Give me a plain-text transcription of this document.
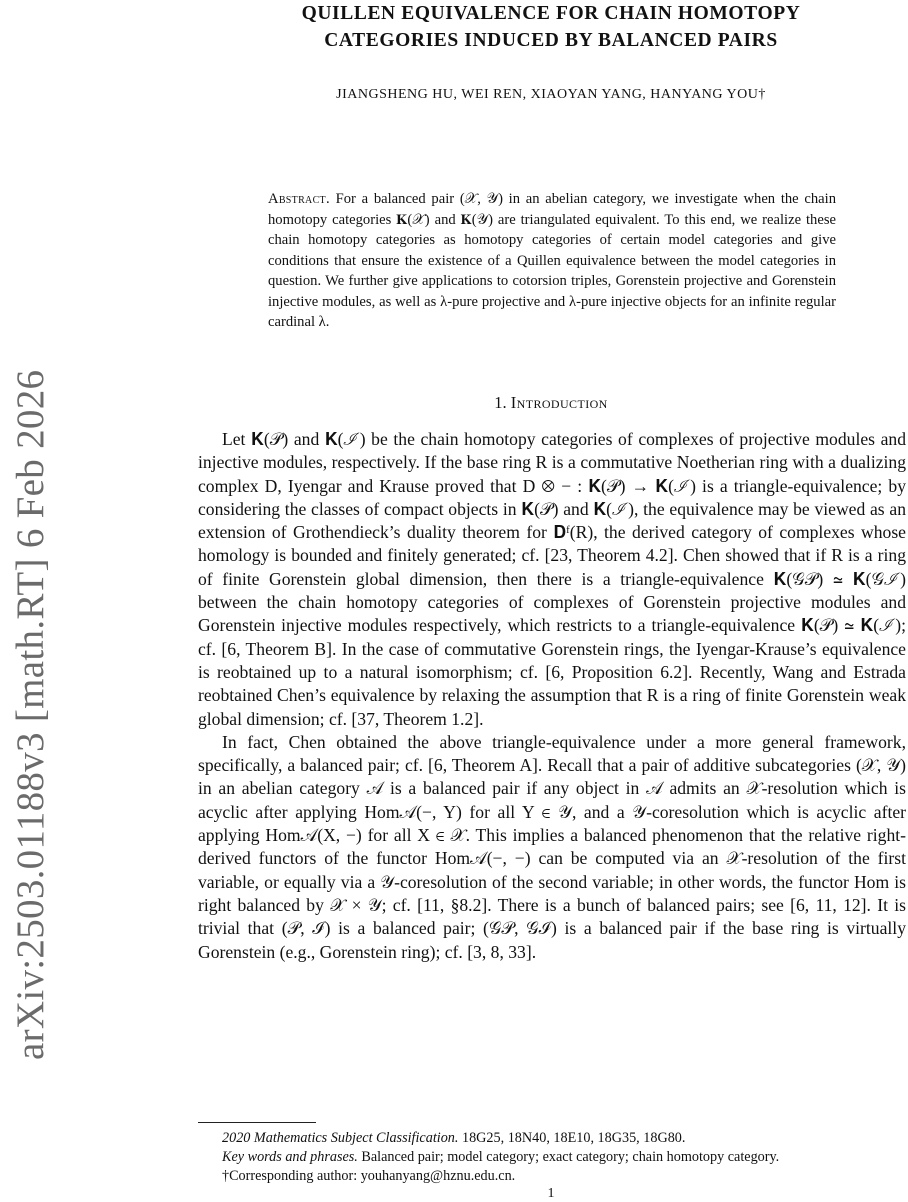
arXiv:2503.01188v3 [math.RT] 6 Feb 2026
QUILLEN EQUIVALENCE FOR CHAIN HOMOTOPY
CATEGORIES INDUCED BY BALANCED PAIRS
JIANGSHENG HU, WEI REN, XIAOYAN YANG, HANYANG YOU†
Abstract. For a balanced pair (𝒳, 𝒴) in an abelian category, we investigate when the chain homotopy categories 𝐊(𝒳) and 𝐊(𝒴) are triangulated equivalent. To this end, we realize these chain homotopy categories as homotopy categories of certain model categories and give conditions that ensure the existence of a Quillen equivalence between the model categories in question. We further give applications to cotorsion triples, Gorenstein projective and Gorenstein injective modules, as well as λ-pure projective and λ-pure injective objects for an infinite regular cardinal λ.
1. Introduction

Let 𝐊(𝒫) and 𝐊(ℐ) be the chain homotopy categories of complexes of projective modules and injective modules, respectively. If the base ring R is a commutative Noetherian ring with a dualizing complex D, Iyengar and Krause proved that D ⊗ − : 𝐊(𝒫) → 𝐊(ℐ) is a triangle-equivalence; by considering the classes of compact objects in 𝐊(𝒫) and 𝐊(ℐ), the equivalence may be viewed as an extension of Grothendieck’s duality theorem for 𝐃ᶠ(R), the derived category of complexes whose homology is bounded and finitely generated; cf. [23, Theorem 4.2]. Chen showed that if R is a ring of finite Gorenstein global dimension, then there is a triangle-equivalence 𝐊(𝒢𝒫) ≃ 𝐊(𝒢ℐ) between the chain homotopy categories of complexes of Gorenstein projective modules and Gorenstein injective modules respectively, which restricts to a triangle-equivalence 𝐊(𝒫) ≃ 𝐊(ℐ); cf. [6, Theorem B]. In the case of commutative Gorenstein rings, the Iyengar-Krause’s equivalence is reobtained up to a natural isomorphism; cf. [6, Proposition 6.2]. Recently, Wang and Estrada reobtained Chen’s equivalence by relaxing the assumption that R is a ring of finite Gorenstein weak global dimension; cf. [37, Theorem 1.2].

In fact, Chen obtained the above triangle-equivalence under a more general framework, specifically, a balanced pair; cf. [6, Theorem A]. Recall that a pair of additive subcategories (𝒳, 𝒴) in an abelian category 𝒜 is a balanced pair if any object in 𝒜 admits an 𝒳-resolution which is acyclic after applying Hom𝒜(−, Y) for all Y ∈ 𝒴, and a 𝒴-coresolution which is acyclic after applying Hom𝒜(X, −) for all X ∈ 𝒳. This implies a balanced phenomenon that the relative right-derived functors of the functor Hom𝒜(−, −) can be computed via an 𝒳-resolution of the first variable, or equally via a 𝒴-coresolution of the second variable; in other words, the functor Hom is right balanced by 𝒳 × 𝒴; cf. [11, §8.2]. There is a bunch of balanced pairs; see [6, 11, 12]. It is trivial that (𝒫, ℐ) is a balanced pair; (𝒢𝒫, 𝒢ℐ) is a balanced pair if the base ring is virtually Gorenstein (e.g., Gorenstein ring); cf. [3, 8, 33].

2020 Mathematics Subject Classification. 18G25, 18N40, 18E10, 18G35, 18G80.

Key words and phrases. Balanced pair; model category; exact category; chain homotopy category.

†Corresponding author: youhanyang@hznu.edu.cn.

1
